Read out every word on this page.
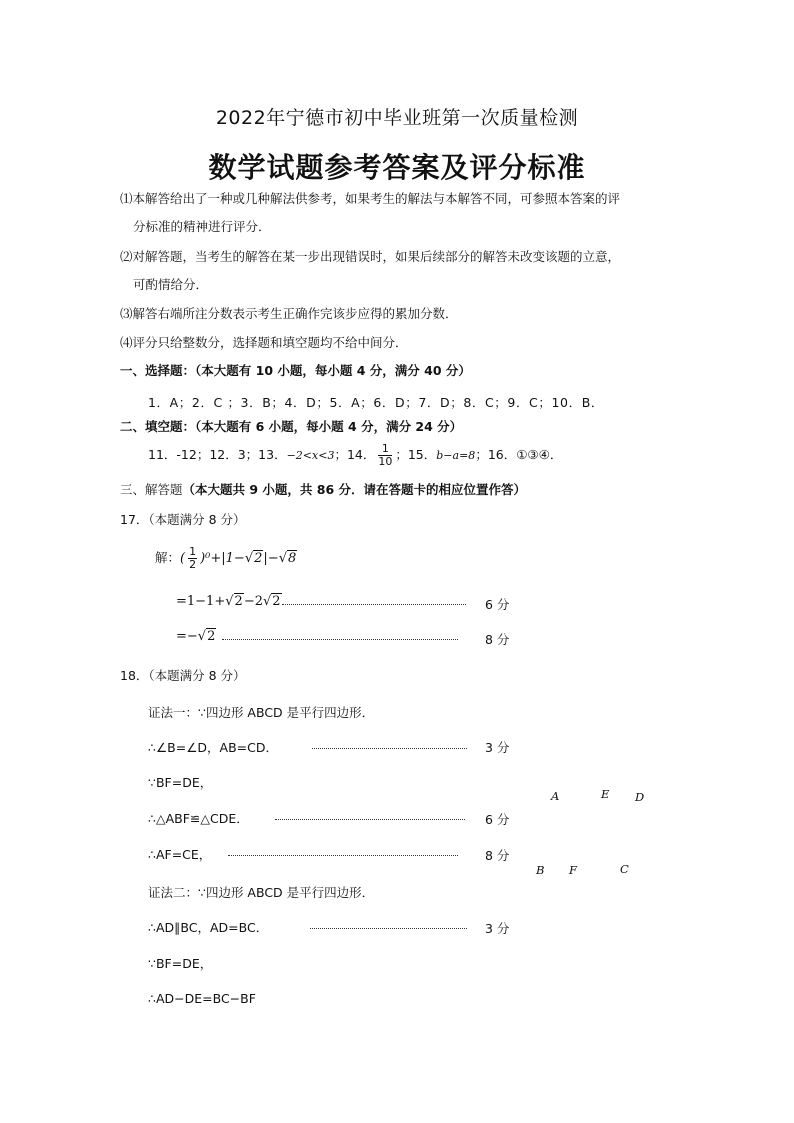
2022年宁德市初中毕业班第一次质量检测
数学试题参考答案及评分标准
⑴本解答给出了一种或几种解法供参考，如果考生的解法与本解答不同，可参照本答案的评
分标准的精神进行评分．
⑵对解答题，当考生的解答在某一步出现错误时，如果后续部分的解答未改变该题的立意，
可酌情给分．
⑶解答右端所注分数表示考生正确作完该步应得的累加分数．
⑷评分只给整数分，选择题和填空题均不给中间分．
一、选择题：（本大题有 10 小题，每小题 4 分，满分 40 分）
1．A；2．C ；3．B；4．D；5．A；6．D；7．D；8．C；9．C；10．B．
二、填空题：（本大题有 6 小题，每小题 4 分，满分 24 分）
11．-12；12．3；13．−2<x<3；14． $\frac{1}{10}$ ；15．b−a=8；16．①③④．
三、解答题（本大题共 9 小题，共 86 分．请在答题卡的相应位置作答）
17．（本题满分 8 分）
解：( $\frac{1}{2} )^0+|1-√2|-√8$
=1−1+√2−2√2	6 分
=−√2	8 分
18．（本题满分 8 分）
证法一：∵四边形 ABCD 是平行四边形．
∴∠B=∠D，AB=CD．	3 分
∵BF=DE，
∴△ABF≌△CDE．	6 分
∴AF=CE，	8 分
证法二：∵四边形 ABCD 是平行四边形．
∴AD∥BC，AD=BC．	3 分
∵BF=DE，
∴AD−DE=BC−BF
A	E D
B F	C
